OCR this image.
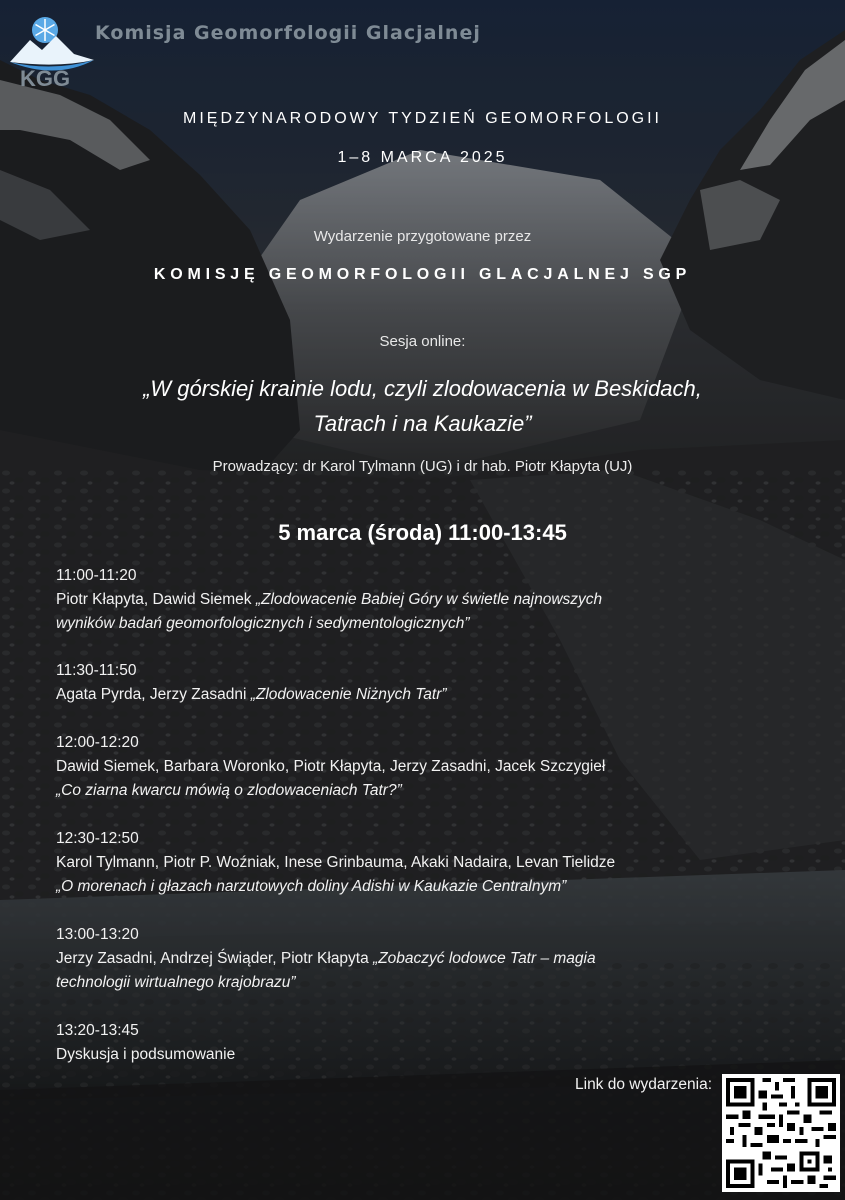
KGG
Komisja Geomorfologii Glacjalnej
MIĘDZYNARODOWY TYDZIEŃ GEOMORFOLOGII
1–8 MARCA 2025
Wydarzenie przygotowane przez
KOMISJĘ GEOMORFOLOGII GLACJALNEJ SGP
Sesja online:
„W górskiej krainie lodu, czyli zlodowacenia w Beskidach,
Tatrach i na Kaukazie”
Prowadzący: dr Karol Tylmann (UG) i dr hab. Piotr Kłapyta (UJ)
5 marca (środa) 11:00-13:45
11:00-11:20
Piotr Kłapyta, Dawid Siemek „Zlodowacenie Babiej Góry w świetle najnowszych
wyników badań geomorfologicznych i sedymentologicznych”
11:30-11:50
Agata Pyrda, Jerzy Zasadni „Zlodowacenie Niżnych Tatr”
12:00-12:20
Dawid Siemek, Barbara Woronko, Piotr Kłapyta, Jerzy Zasadni, Jacek Szczygieł
„Co ziarna kwarcu mówią o zlodowaceniach Tatr?”
12:30-12:50
Karol Tylmann, Piotr P. Woźniak, Inese Grinbauma, Akaki Nadaira, Levan Tielidze
„O morenach i głazach narzutowych doliny Adishi w Kaukazie Centralnym”
13:00-13:20
Jerzy Zasadni, Andrzej Świąder, Piotr Kłapyta „Zobaczyć lodowce Tatr – magia
technologii wirtualnego krajobrazu”
13:20-13:45
Dyskusja i podsumowanie
Link do wydarzenia:
